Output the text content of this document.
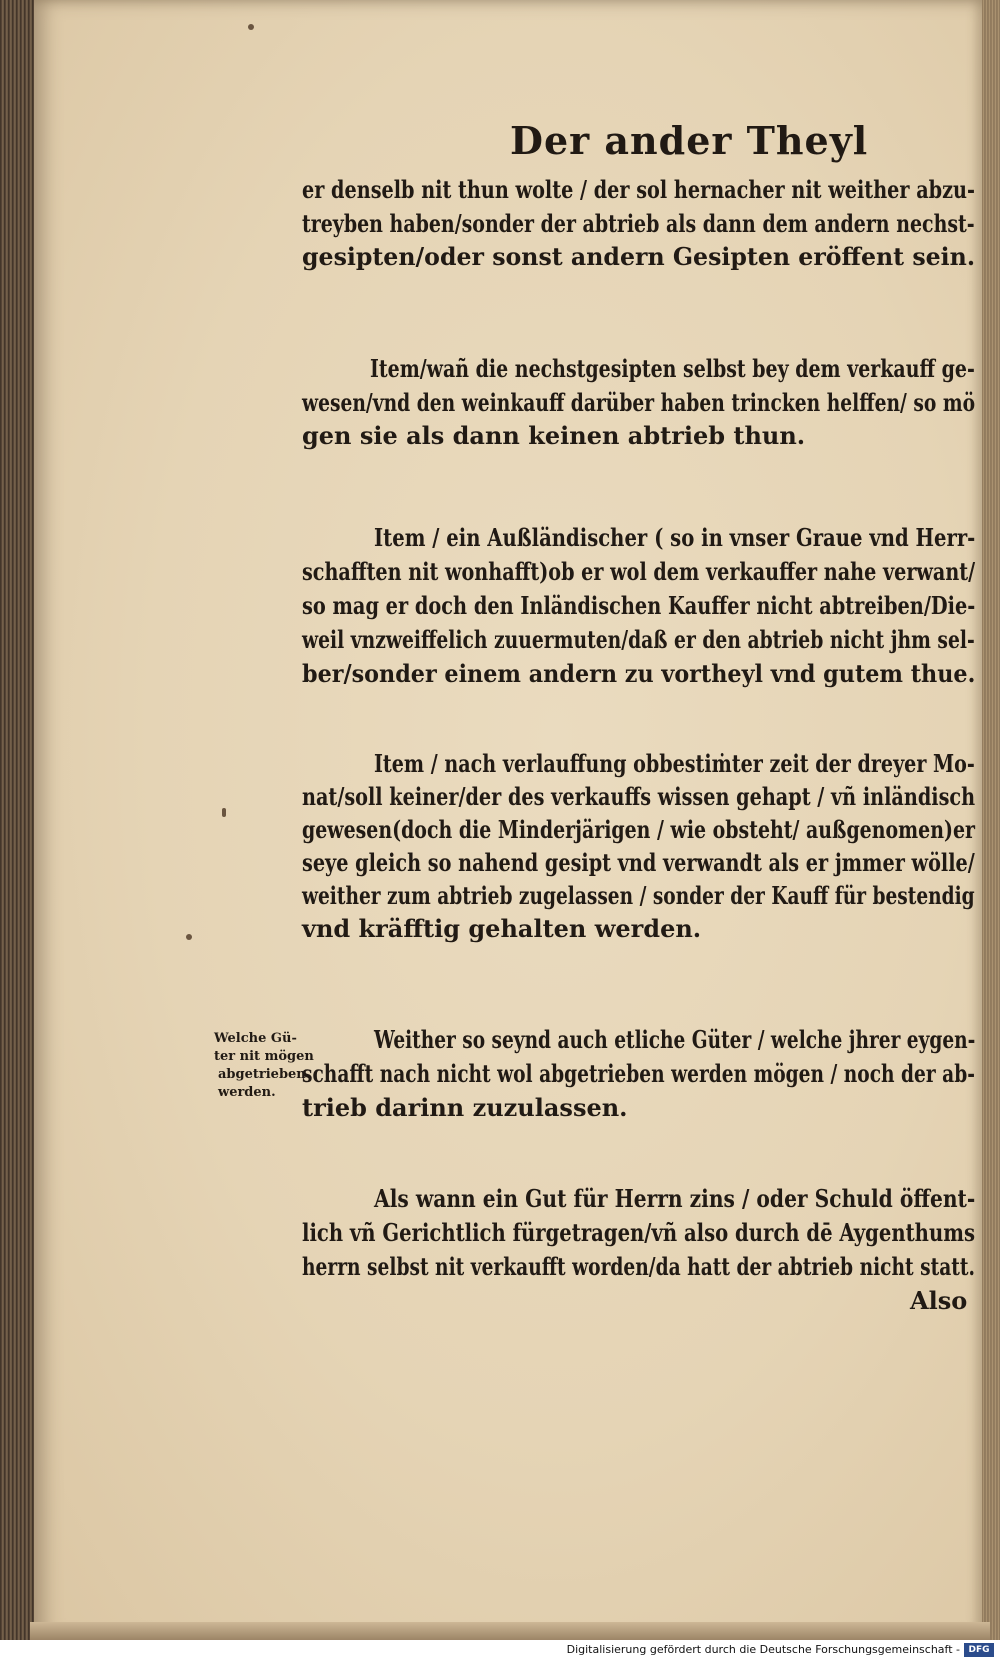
Der ander Theyl
er denselb nit thun wolte / der sol hernacher nit weither abzu-
treyben haben/sonder der abtrieb als dann dem andern nechst-
gesipten/oder sonst andern Gesipten eröffent sein.
Item/wañ die nechstgesipten selbst bey dem verkauff ge-
wesen/vnd den weinkauff darüber haben trincken helffen/ so mö
gen sie als dann keinen abtrieb thun.
Item / ein Außländischer ( so in vnser Graue vnd Herr-
schafften nit wonhafft)ob er wol dem verkauffer nahe verwant/
so mag er doch den Inländischen Kauffer nicht abtreiben/Die-
weil vnzweiffelich zuuermuten/daß er den abtrieb nicht jhm sel-
ber/sonder einem andern zu vortheyl vnd gutem thue.
Item / nach verlauffung obbestiṁter zeit der dreyer Mo-
nat/soll keiner/der des verkauffs wissen gehapt / vñ inländisch
gewesen(doch die Minderjärigen / wie obsteht/ außgenomen)er
seye gleich so nahend gesipt vnd verwandt als er jmmer wölle/
weither zum abtrieb zugelassen / sonder der Kauff für bestendig
vnd kräfftig gehalten werden.
Weither so seynd auch etliche Güter / welche jhrer eygen-
schafft nach nicht wol abgetrieben werden mögen / noch der ab-
trieb darinn zuzulassen.
Als wann ein Gut für Herrn zins / oder Schuld öffent-
lich vñ Gerichtlich fürgetragen/vñ also durch dē Aygenthums
herrn selbst nit verkaufft worden/da hatt der abtrieb nicht statt.
Also
Welche Gü-
ter nit mögen
abgetrieben
werden.
Digitalisierung gefördert durch die Deutsche Forschungsgemeinschaft - DFG
